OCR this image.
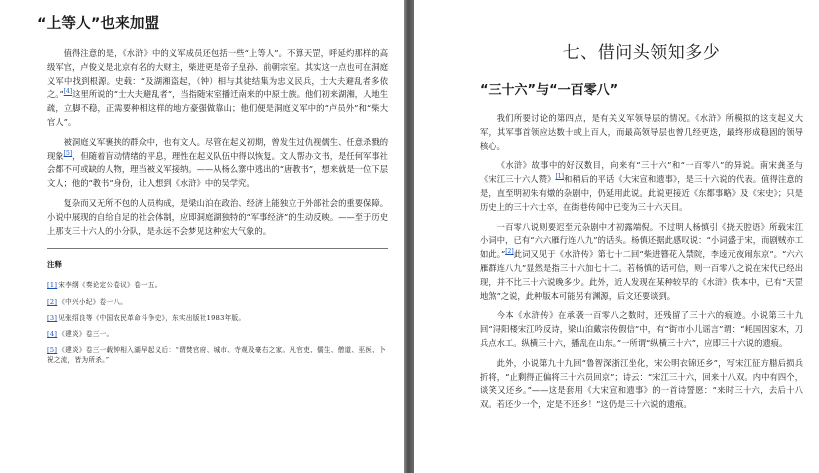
“上等人”也来加盟

值得注意的是，《水浒》中的义军成员还包括一些“上等人”。不算天罡，呼延灼那样的高级军官，卢俊义是北京有名的大财主，柴进更是帝子皇孙、前朝宗室。其实这一点也可在洞庭义军中找到根源。史载：“及湖湘盗起，（钟）相与其徒结集为忠义民兵，士大夫避乱者多依之。”[4]这里所说的“士大夫避乱者”，当指随宋室播迁南来的中原士族。他们初来湖湘，人地生疏，立脚不稳，正需要种相这样的地方豪强做靠山；他们便是洞庭义军中的“卢员外”和“柴大官人”。

被洞庭义军裹挟的群众中，也有文人。尽管在起义初期，曾发生过仇视儒生、任意杀戮的现象[5]，但随着盲动情绪的平息，理性在起义队伍中得以恢复。文人帮办文书，是任何军事社会都不可或缺的人物，理当被义军接纳。——从杨么寨中逃出的“唐教书”，想来就是一位下层文人；他的“教书”身份，让人想到《水浒》中的吴学究。

复杂而又无所不包的人员构成，是梁山泊在政治、经济上能独立于外部社会的重要保障。小说中展现的自给自足的社会体制，应即洞庭湖独特的“军事经济”的生动反映。——至于历史上那支三十六人的小分队，是永远不会梦见这种宏大气象的。

注释
[1]宋李纲《奏论定公卷议》卷一五。
[2]《中兴小纪》卷一八。
[3]见张绍良等《中国农民革命斗争史》，东实出版社1983年版。
[4]《建炎》卷三一。
[5]《建炎》卷三一载钟相入湖早起义后：“谓焚官府、城市、寺观及豪右之家。凡官吏、儒生、僧道、巫医、卜祝之流，皆为所杀。”
七、借问头领知多少
“三十六”与“一百零八”

我们所要讨论的第四点，是有关义军领导层的情况。《水浒》所模拟的这支起义大军，其军事首领应达数十或上百人，而最高领导层也曾几经更迭，最终形成稳固的领导核心。

《水浒》故事中的好汉数目，向来有“三十六”和“一百零八”的异说。南宋龚圣与《宋江三十六人赞》[1]和稍后的平话《大宋宣和遗事》，是三十六说的代表。值得注意的是，直至明初朱有燉的杂剧中，仍延用此说。此说更接近《东都事略》及《宋史》；只是历史上的三十六士卒，在街巷传闻中已变为三十六天目。

一百零八说则要迟至元杂剧中才初露端倪。不过明人杨慎引《挠天腔语》所载宋江小词中，已有“六六雁行连八九”的话头。杨慎还据此感叹说：“小词盛于宋，而剧贼亦工如此。”[2]此词又见于《水浒传》第七十二回“柴进簪花入禁院，李逵元夜闹东京”。“六六雁群连八九”显然是指三十六加七十二。若杨慎的话可信，则一百零八之说在宋代已经出现，并不比三十六说晚多少。此外，近人发现在某种较早的《水浒》佚本中，已有“天罡地煞”之说，此种版本可能另有渊源，后文还要谈到。

今本《水浒传》在承袭一百零八之数时，还残留了三十六的痕迹。小说第三十九回“浔阳楼宋江吟反诗，梁山泊戴宗传假信”中，有“街市小儿谣言”谓：“耗国因家木，刀兵点水工。纵横三十六，播乱在山东。”一所谓“纵横三十六”，应即三十六说的遗痕。

此外，小说第九十九回“鲁智深浙江坐化，宋公明衣锦还乡”，写宋江征方腊后损兵折将，“止剩得正偏将三十六员回京”；诗云：“宋江三十六，回来十八双。内中有四个，谈笑又还乡。”——这是套用《大宋宣和遗事》的一首诗誓愿：“来时三十六，去后十八双。若还少一个，定是不还乡！”这仍是三十六说的遗痕。
